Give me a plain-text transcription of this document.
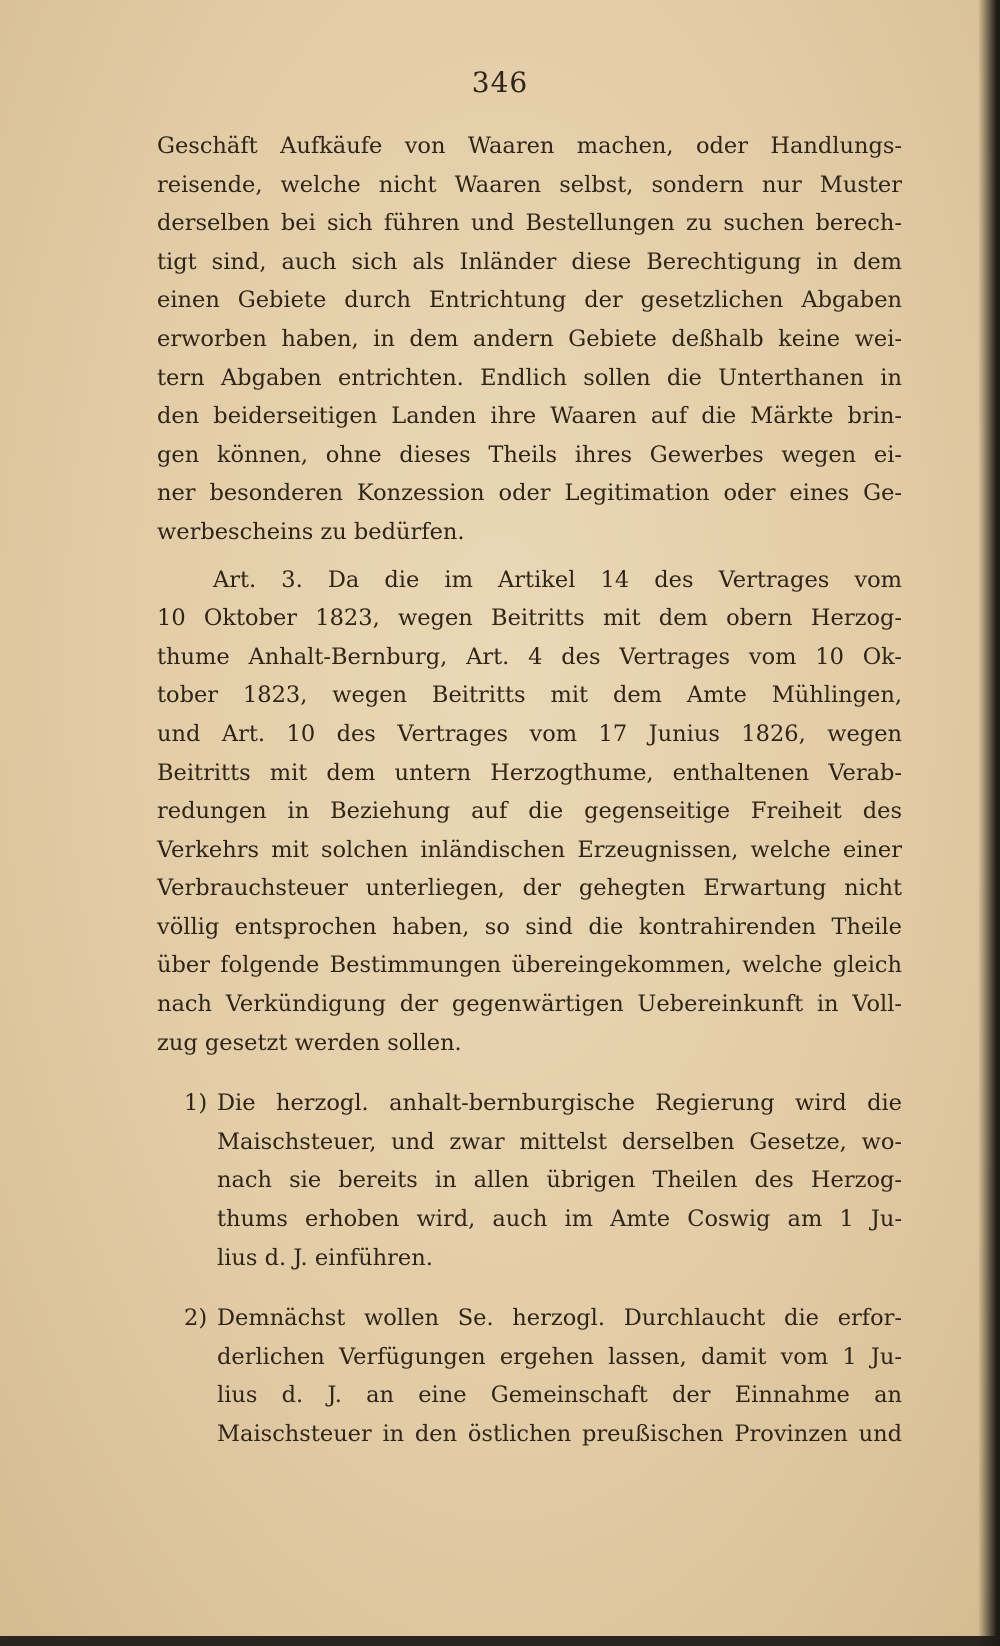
346
Geschäft Aufkäufe von Waaren machen, oder Handlungs-
reisende, welche nicht Waaren selbst, sondern nur Muster
derselben bei sich führen und Bestellungen zu suchen berech-
tigt sind, auch sich als Inländer diese Berechtigung in dem
einen Gebiete durch Entrichtung der gesetzlichen Abgaben
erworben haben, in dem andern Gebiete deßhalb keine wei-
tern Abgaben entrichten. Endlich sollen die Unterthanen in
den beiderseitigen Landen ihre Waaren auf die Märkte brin-
gen können, ohne dieses Theils ihres Gewerbes wegen ei-
ner besonderen Konzession oder Legitimation oder eines Ge-
werbescheins zu bedürfen.
Art. 3. Da die im Artikel 14 des Vertrages vom
10 Oktober 1823, wegen Beitritts mit dem obern Herzog-
thume Anhalt-Bernburg, Art. 4 des Vertrages vom 10 Ok-
tober 1823, wegen Beitritts mit dem Amte Mühlingen,
und Art. 10 des Vertrages vom 17 Junius 1826, wegen
Beitritts mit dem untern Herzogthume, enthaltenen Verab-
redungen in Beziehung auf die gegenseitige Freiheit des
Verkehrs mit solchen inländischen Erzeugnissen, welche einer
Verbrauchsteuer unterliegen, der gehegten Erwartung nicht
völlig entsprochen haben, so sind die kontrahirenden Theile
über folgende Bestimmungen übereingekommen, welche gleich
nach Verkündigung der gegenwärtigen Uebereinkunft in Voll-
zug gesetzt werden sollen.
1) Die herzogl. anhalt-bernburgische Regierung wird die
Maischsteuer, und zwar mittelst derselben Gesetze, wo-
nach sie bereits in allen übrigen Theilen des Herzog-
thums erhoben wird, auch im Amte Coswig am 1 Ju-
lius d. J. einführen.
2) Demnächst wollen Se. herzogl. Durchlaucht die erfor-
derlichen Verfügungen ergehen lassen, damit vom 1 Ju-
lius d. J. an eine Gemeinschaft der Einnahme an
Maischsteuer in den östlichen preußischen Provinzen und
